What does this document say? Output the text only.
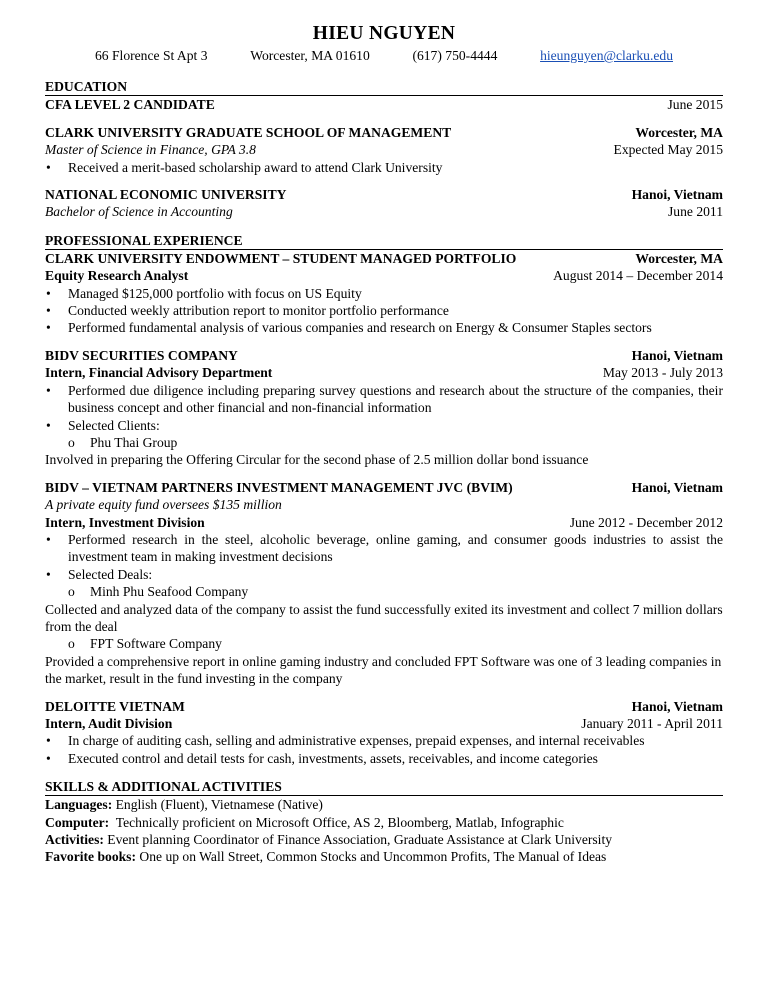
HIEU NGUYEN
66 Florence St Apt 3	Worcester, MA 01610	(617) 750-4444	hieunguyen@clarku.edu
EDUCATION
CFA LEVEL 2 CANDIDATE	June 2015
CLARK UNIVERSITY GRADUATE SCHOOL OF MANAGEMENT	Worcester, MA
Master of Science in Finance, GPA 3.8	Expected May 2015
• Received a merit-based scholarship award to attend Clark University
NATIONAL ECONOMIC UNIVERSITY	Hanoi, Vietnam
Bachelor of Science in Accounting	June 2011
PROFESSIONAL EXPERIENCE
CLARK UNIVERSITY ENDOWMENT – STUDENT MANAGED PORTFOLIO	Worcester, MA
Equity Research Analyst	August 2014 – December 2014
• Managed $125,000 portfolio with focus on US Equity
• Conducted weekly attribution report to monitor portfolio performance
• Performed fundamental analysis of various companies and research on Energy & Consumer Staples sectors
BIDV SECURITIES COMPANY	Hanoi, Vietnam
Intern, Financial Advisory Department	May 2013 - July 2013
• Performed due diligence including preparing survey questions and research about the structure of the companies, their business concept and other financial and non-financial information
• Selected Clients:
o Phu Thai Group
Involved in preparing the Offering Circular for the second phase of 2.5 million dollar bond issuance
BIDV – VIETNAM PARTNERS INVESTMENT MANAGEMENT JVC (BVIM)	Hanoi, Vietnam
A private equity fund oversees $135 million
Intern, Investment Division	June 2012 - December 2012
• Performed research in the steel, alcoholic beverage, online gaming, and consumer goods industries to assist the investment team in making investment decisions
• Selected Deals:
o Minh Phu Seafood Company
Collected and analyzed data of the company to assist the fund successfully exited its investment and collect 7 million dollars from the deal
o FPT Software Company
Provided a comprehensive report in online gaming industry and concluded FPT Software was one of 3 leading companies in the market, result in the fund investing in the company
DELOITTE VIETNAM	Hanoi, Vietnam
Intern, Audit Division	January 2011 - April 2011
• In charge of auditing cash, selling and administrative expenses, prepaid expenses, and internal receivables
• Executed control and detail tests for cash, investments, assets, receivables, and income categories
SKILLS & ADDITIONAL ACTIVITIES
Languages: English (Fluent), Vietnamese (Native)
Computer:  Technically proficient on Microsoft Office, AS 2, Bloomberg, Matlab, Infographic
Activities: Event planning Coordinator of Finance Association, Graduate Assistance at Clark University
Favorite books: One up on Wall Street, Common Stocks and Uncommon Profits, The Manual of Ideas
